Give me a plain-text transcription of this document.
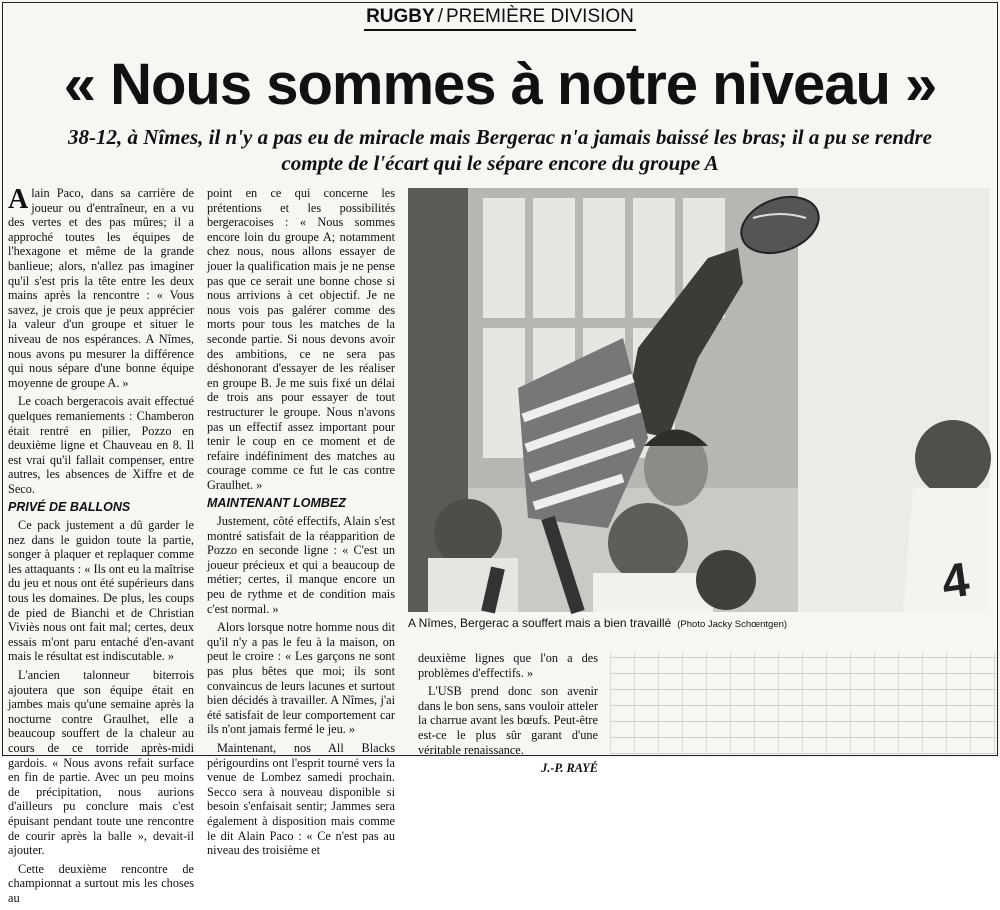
RUGBY / PREMIÈRE DIVISION
« Nous sommes à notre niveau »
38-12, à Nîmes, il n'y a pas eu de miracle mais Bergerac n'a jamais baissé les bras; il a pu se rendre
compte de l'écart qui le sépare encore du groupe A

Alain Paco, dans sa carrière de joueur ou d'entraîneur, en a vu des vertes et des pas mûres; il a approché toutes les équipes de l'hexagone et même de la grande banlieue; alors, n'allez pas imaginer qu'il s'est pris la tête entre les deux mains après la rencontre : « Vous savez, je crois que je peux apprécier la valeur d'un groupe et situer le niveau de nos espérances. A Nîmes, nous avons pu mesurer la différence qui nous sépare d'une bonne équipe moyenne de groupe A. »

Le coach bergeracois avait effectué quelques remaniements : Chamberon était rentré en pilier, Pozzo en deuxième ligne et Chauveau en 8. Il est vrai qu'il fallait compenser, entre autres, les absences de Xiffre et de Seco.

PRIVÉ DE BALLONS

Ce pack justement a dû garder le nez dans le guidon toute la partie, songer à plaquer et replaquer comme les attaquants : « Ils ont eu la maîtrise du jeu et nous ont été supérieurs dans tous les domaines. De plus, les coups de pied de Bianchi et de Christian Viviès nous ont fait mal; certes, deux essais m'ont paru entaché d'en-avant mais le résultat est indiscutable. »

L'ancien talonneur biterrois ajoutera que son équipe était en jambes mais qu'une semaine après la nocturne contre Graulhet, elle a beaucoup souffert de la chaleur au cours de ce torride après-midi gardois. « Nous avons refait surface en fin de partie. Avec un peu moins de précipitation, nous aurions d'ailleurs pu conclure mais c'est épuisant pendant toute une rencontre de courir après la balle », devait-il ajouter.

Cette deuxième rencontre de championnat a surtout mis les choses au

point en ce qui concerne les prétentions et les possibilités bergeracoises : « Nous sommes encore loin du groupe A; notamment chez nous, nous allons essayer de jouer la qualification mais je ne pense pas que ce serait une bonne chose si nous arrivions à cet objectif. Je ne nous vois pas galérer comme des morts pour tous les matches de la seconde partie. Si nous devons avoir des ambitions, ce ne sera pas déshonorant d'essayer de les réaliser en groupe B. Je me suis fixé un délai de trois ans pour essayer de tout restructurer le groupe. Nous n'avons pas un effectif assez important pour tenir le coup en ce moment et de refaire indéfiniment des matches au courage comme ce fut le cas contre Graulhet. »

MAINTENANT LOMBEZ

Justement, côté effectifs, Alain s'est montré satisfait de la réapparition de Pozzo en seconde ligne : « C'est un joueur précieux et qui a beaucoup de métier; certes, il manque encore un peu de rythme et de condition mais c'est normal. »

Alors lorsque notre homme nous dit qu'il n'y a pas le feu à la maison, on peut le croire : « Les garçons ne sont pas plus bêtes que moi; ils sont convaincus de leurs lacunes et surtout bien décidés à travailler. A Nîmes, j'ai été satisfait de leur comportement car ils n'ont jamais fermé le jeu. »

Maintenant, nos All Blacks périgourdins ont l'esprit tourné vers la venue de Lombez samedi prochain. Secco sera à nouveau disponible si besoin s'enfaisait sentir; Jammes sera également à disposition mais comme le dit Alain Paco : « Ce n'est pas au niveau des troisième et

4
A Nîmes, Bergerac a souffert mais a bien travaillé (Photo Jacky Schœntgen)

deuxième lignes que l'on a des problèmes d'effectifs. »

L'USB prend donc son avenir dans le bon sens, sans vouloir atteler la charrue avant les bœufs. Peut-être est-ce le plus sûr garant d'une véritable renaissance.

J.-P. RAYÉ
